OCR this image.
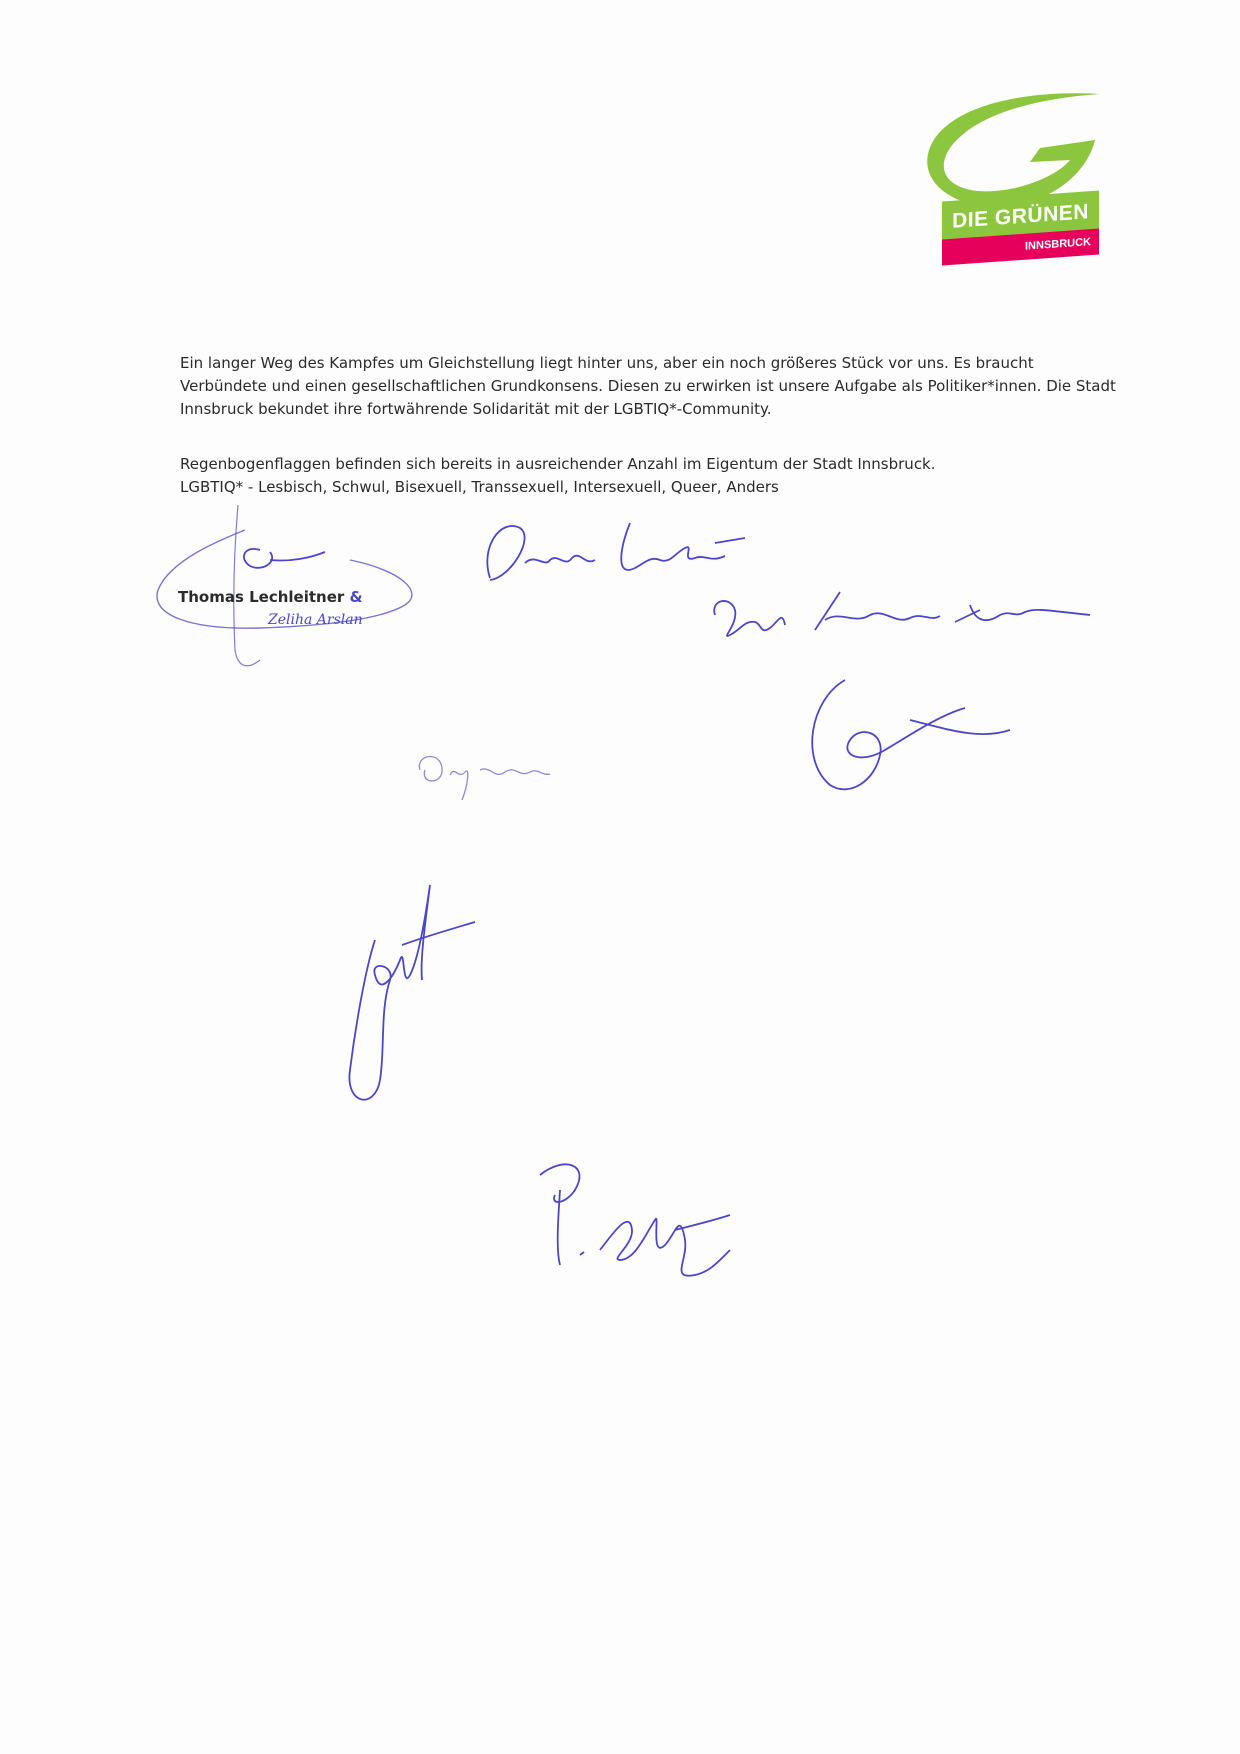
DIE GRÜNEN
INNSBRUCK

Ein langer Weg des Kampfes um Gleichstellung liegt hinter uns, aber ein noch größeres Stück vor uns. Es braucht Verbündete und einen gesellschaftlichen Grundkonsens. Diesen zu erwirken ist unsere Aufgabe als Politiker*innen. Die Stadt Innsbruck bekundet ihre fortwährende Solidarität mit der LGBTIQ*-Community.

Regenbogenflaggen befinden sich bereits in ausreichender Anzahl im Eigentum der Stadt Innsbruck.
LGBTIQ* - Lesbisch, Schwul, Bisexuell, Transsexuell, Intersexuell, Queer, Anders

Thomas Lechleitner &
Zeliha Arslan
